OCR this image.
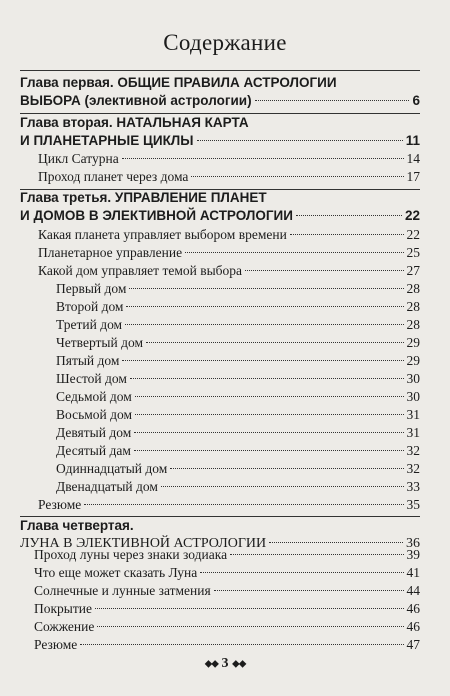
Содержание
Глава первая. ОБЩИЕ ПРАВИЛА АСТРОЛОГИИ
ВЫБОРА (элективной астрологии)	6
Глава вторая. НАТАЛЬНАЯ КАРТА
И ПЛАНЕТАРНЫЕ ЦИКЛЫ	11
Цикл Сатурна	14
Проход планет через дома	17
Глава третья. УПРАВЛЕНИЕ ПЛАНЕТ
И ДОМОВ В ЭЛЕКТИВНОЙ АСТРОЛОГИИ	22
Какая планета управляет выбором времени	22
Планетарное управление	25
Какой дом управляет темой выбора	27
Первый дом	28
Второй дом	28
Третий дом	28
Четвертый дом	29
Пятый дом	29
Шестой дом	30
Седьмой дом	30
Восьмой дом	31
Девятый дом	31
Десятый дам	32
Одиннадцатый дом	32
Двенадцатый дом	33
Резюме	35
Глава четвертая.
ЛУНА В ЭЛЕКТИВНОЙ АСТРОЛОГИИ	36
Проход луны через знаки зодиака	39
Что еще может сказать Луна	41
Солнечные и лунные затмения	44
Покрытие	46
Сожжение	46
Резюме	47
◆◆ 3 ◆◆
